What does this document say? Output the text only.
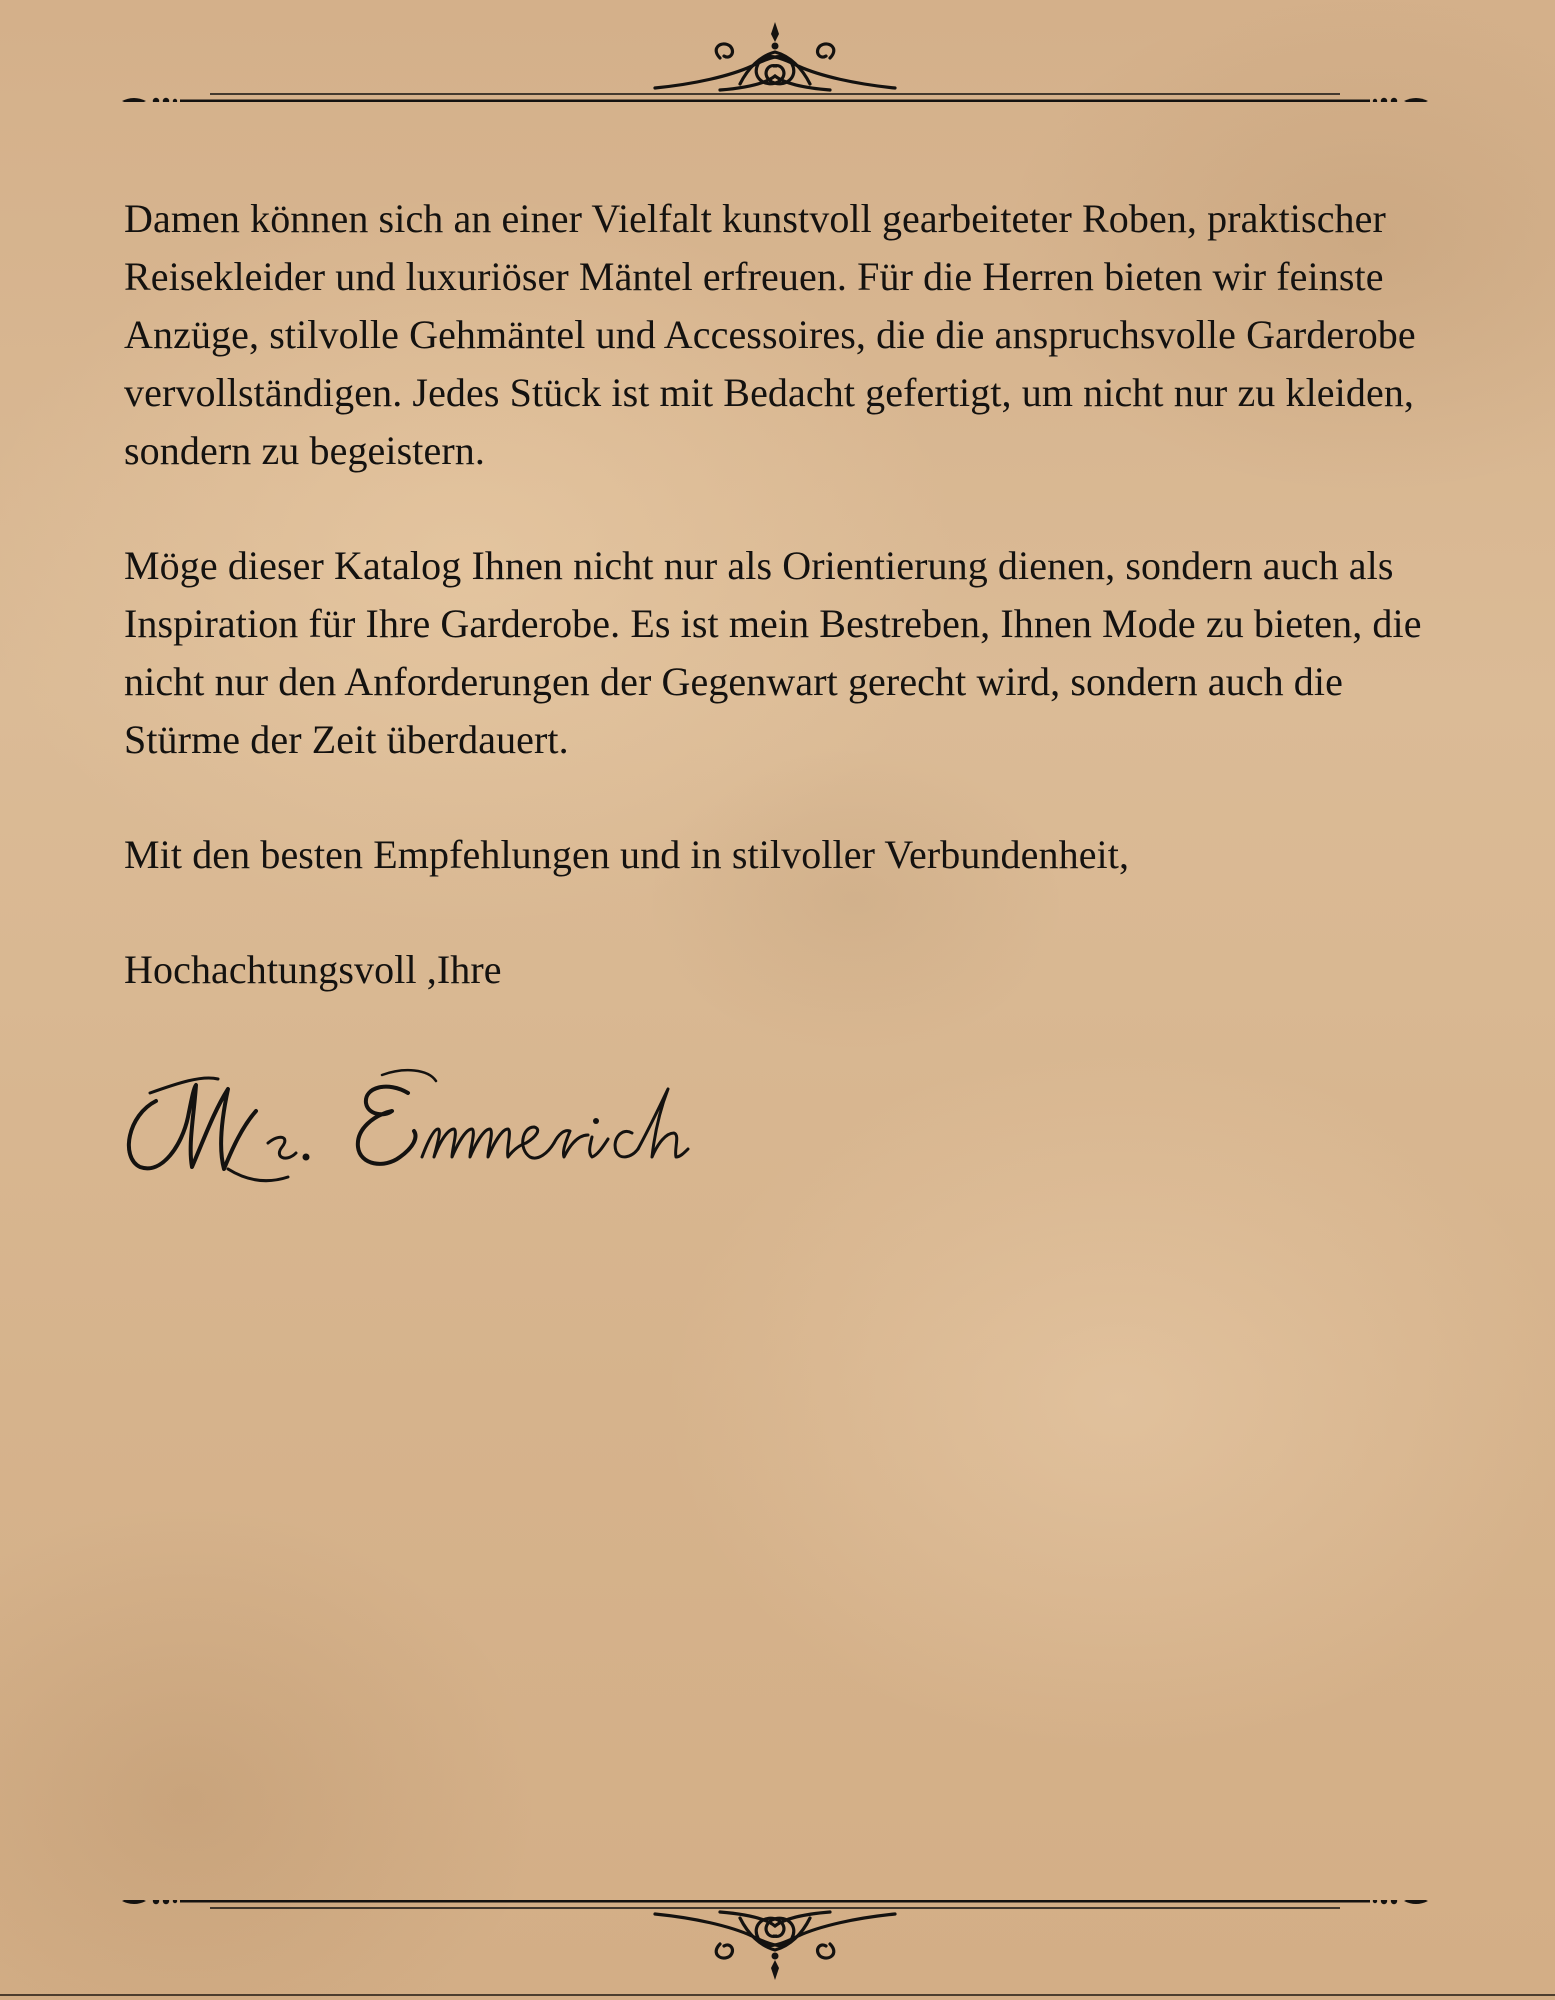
Damen können sich an einer Vielfalt kunstvoll gearbeiteter Roben, praktischer Reisekleider und luxuriöser Mäntel erfreuen. Für die Herren bieten wir feinste Anzüge, stilvolle Gehmäntel und Accessoires, die die anspruchsvolle Garderobe vervollständigen. Jedes Stück ist mit Bedacht gefertigt, um nicht nur zu kleiden, sondern zu begeistern.

Möge dieser Katalog Ihnen nicht nur als Orientierung dienen, sondern auch als Inspiration für Ihre Garderobe. Es ist mein Bestreben, Ihnen Mode zu bieten, die nicht nur den Anforderungen der Gegenwart gerecht wird, sondern auch die Stürme der Zeit überdauert.

Mit den besten Empfehlungen und in stilvoller Verbundenheit,

Hochachtungsvoll ,Ihre
